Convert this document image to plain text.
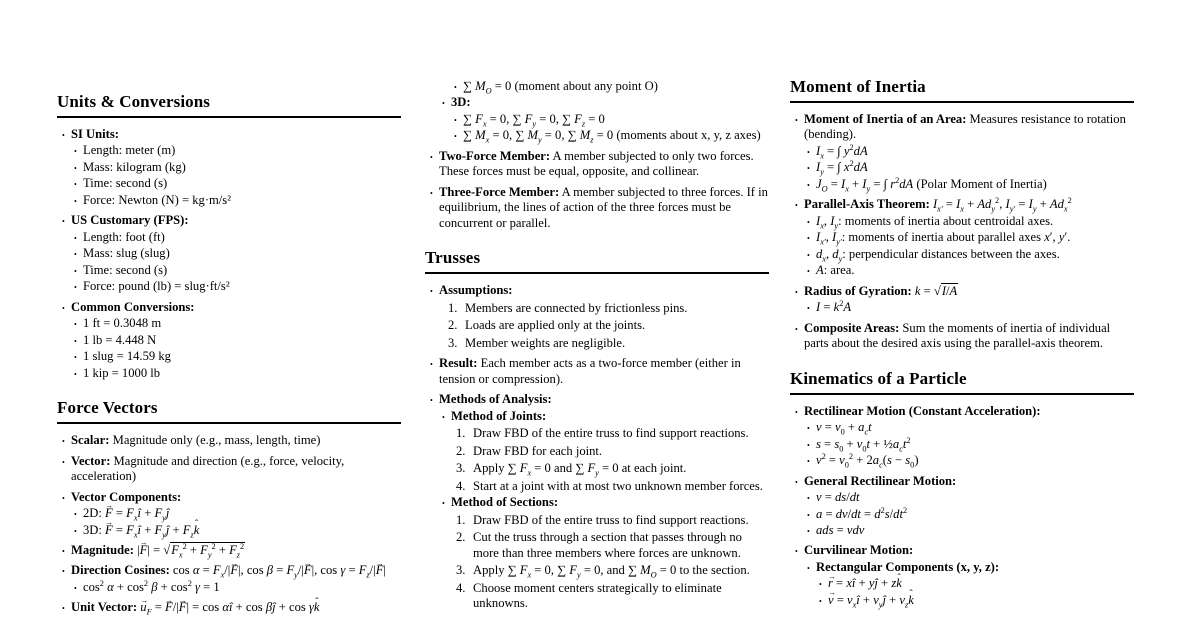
Units & Conversions
• SI Units:
• Length: meter (m)
• Mass: kilogram (kg)
• Time: second (s)
• Force: Newton (N) = kg·m/s²
• US Customary (FPS):
• Length: foot (ft)
• Mass: slug (slug)
• Time: second (s)
• Force: pound (lb) = slug·ft/s²
• Common Conversions:
• 1 ft = 0.3048 m
• 1 lb = 4.448 N
• 1 slug = 14.59 kg
• 1 kip = 1000 lb
Force Vectors
• Scalar: Magnitude only (e.g., mass, length, time)
• Vector: Magnitude and direction (e.g., force, velocity, acceleration)
• Vector Components:
• 2D: F → = $F_xî$ + $F_yĵ$
• 3D: F → = $F_xî$ + $F_yĵ + F_zk$ ˆ
• Magnitude: |F →| = $√F_x^2 + F_y^2 + F_z^2$
• Direction Cosines: $\cos \alpha = F_x/|F$ →|, $\cos \beta = F_y/|F$ →|, $\cos \gamma = F_z/|F$ →|
• $\cos^2 \alpha + \cos^2 \beta + \cos^2 \gamma = 1$
• Unit Vector: $u \to_F = F \to/|F$ →| = cos αî + cos βĵ + cos γk ˆ
• ∑ $M_O = 0$ (moment about any point O)
• 3D:
• ∑ $F_x = 0$, ∑ $F_y = 0$, ∑ $F_z = 0$
• ∑ $M_x = 0$, ∑ $M_y = 0$, ∑ $M_z = 0$ (moments about x, y, z axes)
• Two-Force Member: A member subjected to only two forces. These forces must be equal, opposite, and collinear.
• Three-Force Member: A member subjected to three forces. If in equilibrium, the lines of action of the three forces must be concurrent or parallel.
Trusses
• Assumptions:
1. Members are connected by frictionless pins.
2. Loads are applied only at the joints.
3. Member weights are negligible.
• Result: Each member acts as a two-force member (either in tension or compression).
• Methods of Analysis:
• Method of Joints:
1. Draw FBD of the entire truss to find support reactions.
2. Draw FBD for each joint.
3. Apply ∑ $F_x = 0$ and ∑ $F_y = 0$ at each joint.
4. Start at a joint with at most two unknown member forces.
• Method of Sections:
1. Draw FBD of the entire truss to find support reactions.
2. Cut the truss through a section that passes through no more than three members where forces are unknown.
3. Apply ∑ $F_x = 0$, ∑ $F_y = 0$, and ∑ $M_O = 0$ to the section.
4. Choose moment centers strategically to eliminate unknowns.
Moment of Inertia
• Moment of Inertia of an Area: Measures resistance to rotation (bending).
• $I_x$ = ∫ $y^2dA$
• $I_y$ = ∫ $x^2dA$
• $J_O = I_x + I_y$ = ∫ $r^2dA$ (Polar Moment of Inertia)
• Parallel-Axis Theorem: $I_{x'} = I_x + Ad_y^2$, $I_{y'} = I_y + Ad_x^2$
• $I_x$, $I_y$: moments of inertia about centroidal axes.
• $I_{x'}$, $I_{y'}$: moments of inertia about parallel axes x′, y′.
• $d_x$, $d_y$: perpendicular distances between the axes.
• A: area.
• Radius of Gyration: k = √I/A
• $I = k^2A$
• Composite Areas: Sum the moments of inertia of individual parts about the desired axis using the parallel-axis theorem.
Kinematics of a Particle
• Rectilinear Motion (Constant Acceleration):
• $v = v_0 + a_ct$
• $s = s_0 + v_0t$ + $\frac{1}{2}a_ct^2$
• $v^2 = v_0^2 + 2a_c(s - s_0)$
• General Rectilinear Motion:
• v = ds/dt
• $a = dv/dt = d^2s/dt^2$
• ads = vdv
• Curvilinear Motion:
• Rectangular Components (x, y, z):
• r → = xî + yĵ + zk ˆ
• v → = $v_xî$ + $v_yĵ + v_zk$ ˆ
